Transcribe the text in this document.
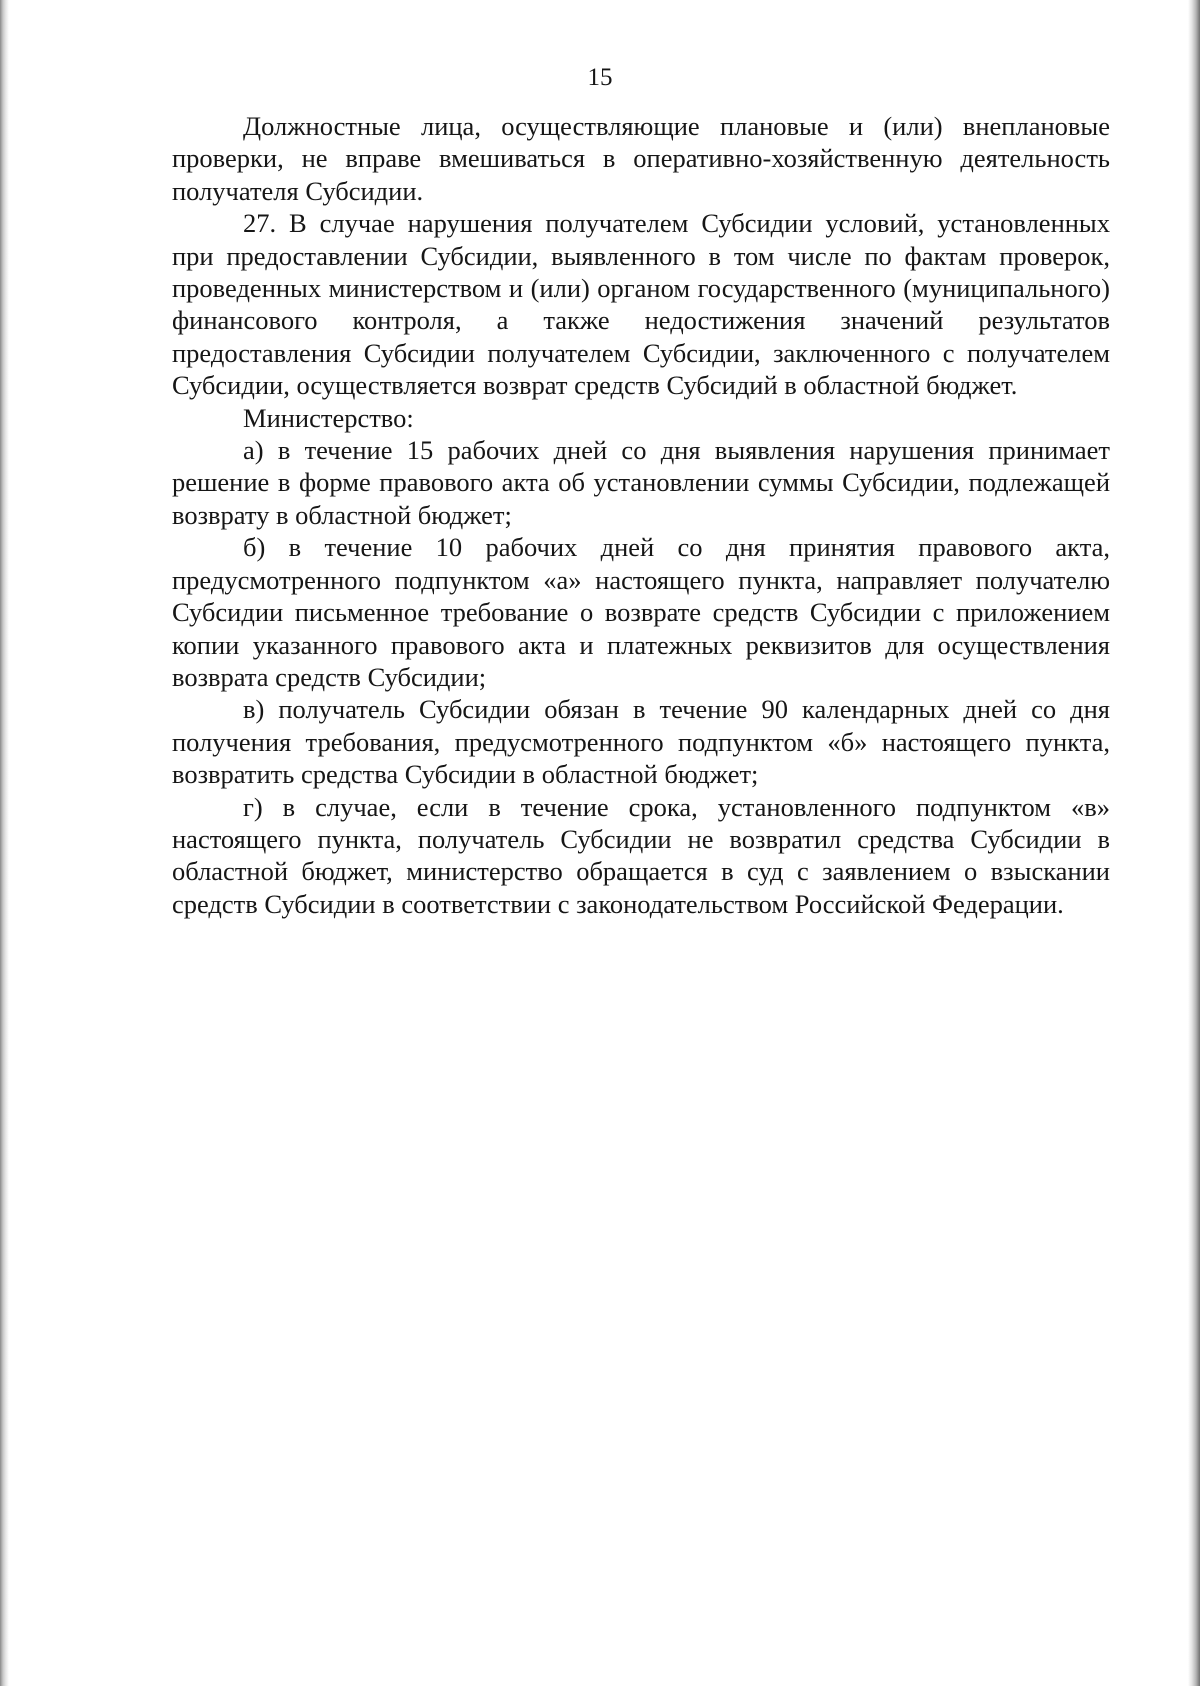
15

Должностные лица, осуществляющие плановые и (или) внеплановые проверки, не вправе вмешиваться в оперативно-хозяйственную деятельность получателя Субсидии.

27. В случае нарушения получателем Субсидии условий, установленных при предоставлении Субсидии, выявленного в том числе по фактам проверок, проведенных министерством и (или) органом государственного (муниципального) финансового контроля, а также недостижения значений результатов предоставления Субсидии получателем Субсидии, заключенного с получателем Субсидии, осуществляется возврат средств Субсидий в областной бюджет.

Министерство:

а) в течение 15 рабочих дней со дня выявления нарушения принимает решение в форме правового акта об установлении суммы Субсидии, подлежащей возврату в областной бюджет;

б) в течение 10 рабочих дней со дня принятия правового акта, предусмотренного подпунктом «а» настоящего пункта, направляет получателю Субсидии письменное требование о возврате средств Субсидии с приложением копии указанного правового акта и платежных реквизитов для осуществления возврата средств Субсидии;

в) получатель Субсидии обязан в течение 90 календарных дней со дня получения требования, предусмотренного подпунктом «б» настоящего пункта, возвратить средства Субсидии в областной бюджет;

г) в случае, если в течение срока, установленного подпунктом «в» настоящего пункта, получатель Субсидии не возвратил средства Субсидии в областной бюджет, министерство обращается в суд с заявлением о взыскании средств Субсидии в соответствии с законодательством Российской Федерации.
